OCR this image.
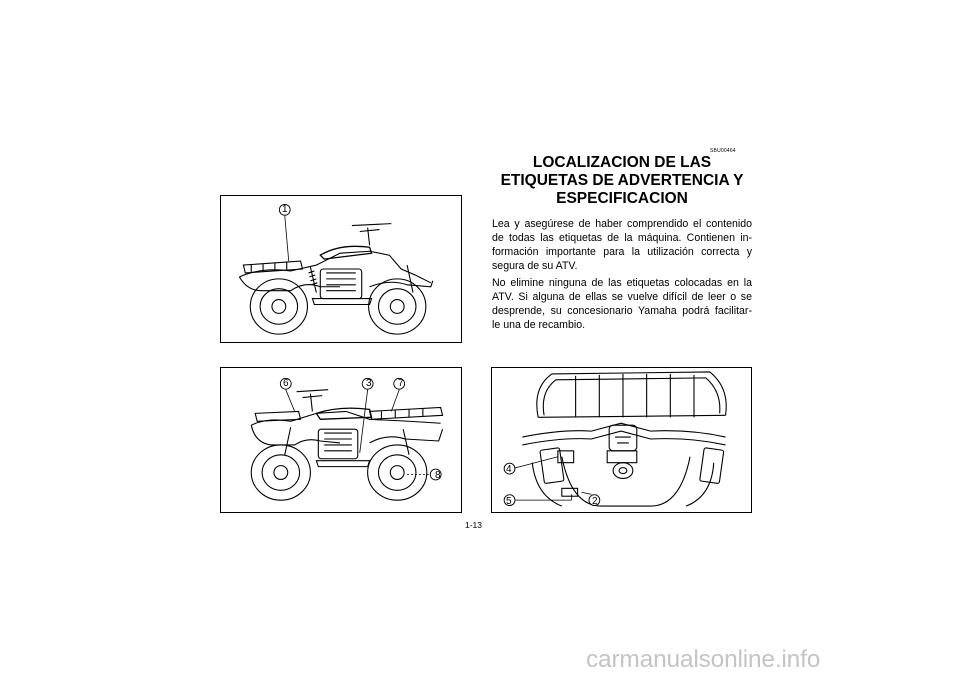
1
6	3	7
8
4
5	2
SBU00464
LOCALIZACION DE LAS
ETIQUETAS DE ADVERTENCIA Y
ESPECIFICACION

Lea y asegúrese de haber comprendido el contenido
de todas las etiquetas de la máquina. Contienen in-
formación importante para la utilización correcta y
segura de su ATV.

No elimine ninguna de las etiquetas colocadas en la
ATV. Si alguna de ellas se vuelve difícil de leer o se
desprende, su concesionario Yamaha podrá facilitar-
le una de recambio.

1-13
carmanualsonline.info
